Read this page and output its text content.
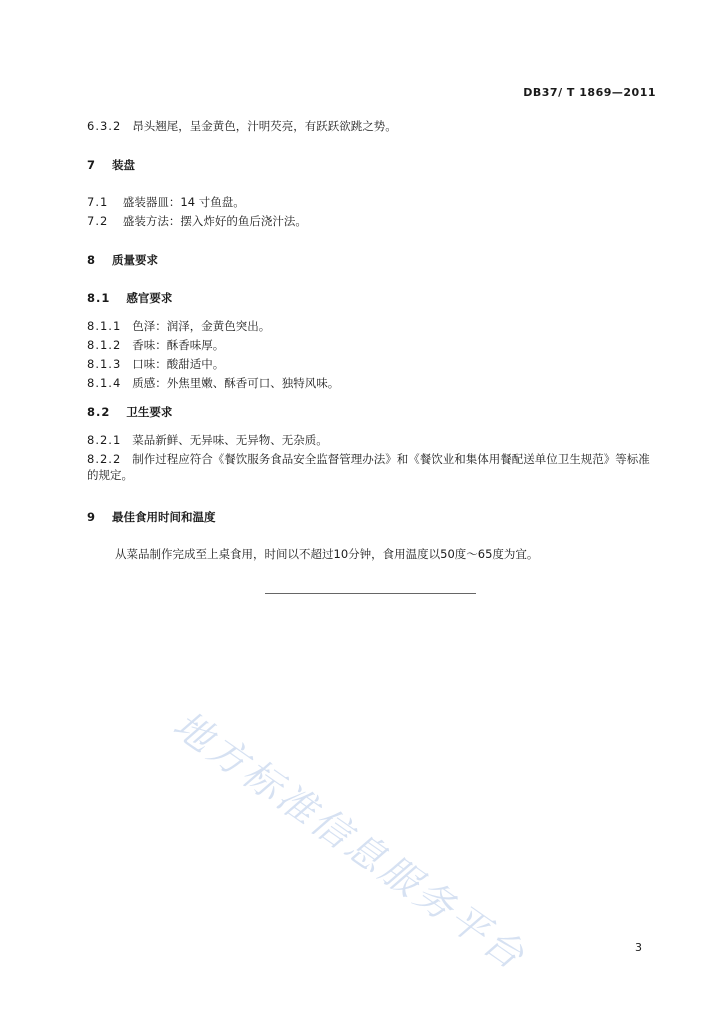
DB37/ T 1869—2011
6.3.2 昂头翘尾，呈金黄色，汁明芡亮，有跃跃欲跳之势。
7 装盘
7.1 盛装器皿：14 寸鱼盘。
7.2 盛装方法：摆入炸好的鱼后浇汁法。
8 质量要求
8.1 感官要求
8.1.1 色泽：润泽，金黄色突出。
8.1.2 香味：酥香味厚。
8.1.3 口味：酸甜适中。
8.1.4 质感：外焦里嫩、酥香可口、独特风味。
8.2 卫生要求
8.2.1 菜品新鲜、无异味、无异物、无杂质。
8.2.2 制作过程应符合《餐饮服务食品安全监督管理办法》和《餐饮业和集体用餐配送单位卫生规范》等标准的规定。
9 最佳食用时间和温度
从菜品制作完成至上桌食用，时间以不超过10分钟，食用温度以50度～65度为宜。
地方标准信息服务平台	3
